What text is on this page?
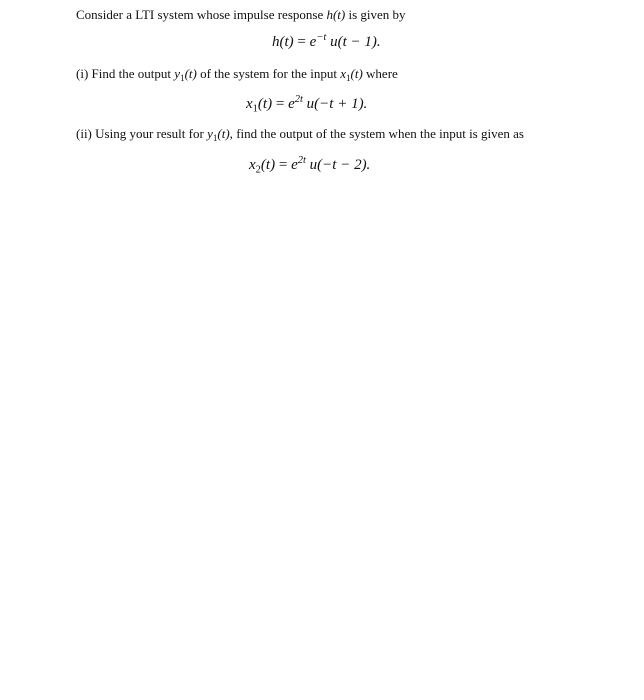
Consider a LTI system whose impulse response h(t) is given by
$h(t) = e^{-t}$ u(t − 1).
(i) Find the output $y_1(t)$ of the system for the input $x_1(t)$ where
$x_1(t) = e^{2t}$ u(−t + 1).
(ii) Using your result for $y_1(t)$, find the output of the system when the input is given as
$x_2(t) = e^{2t}$ u(−t − 2).
